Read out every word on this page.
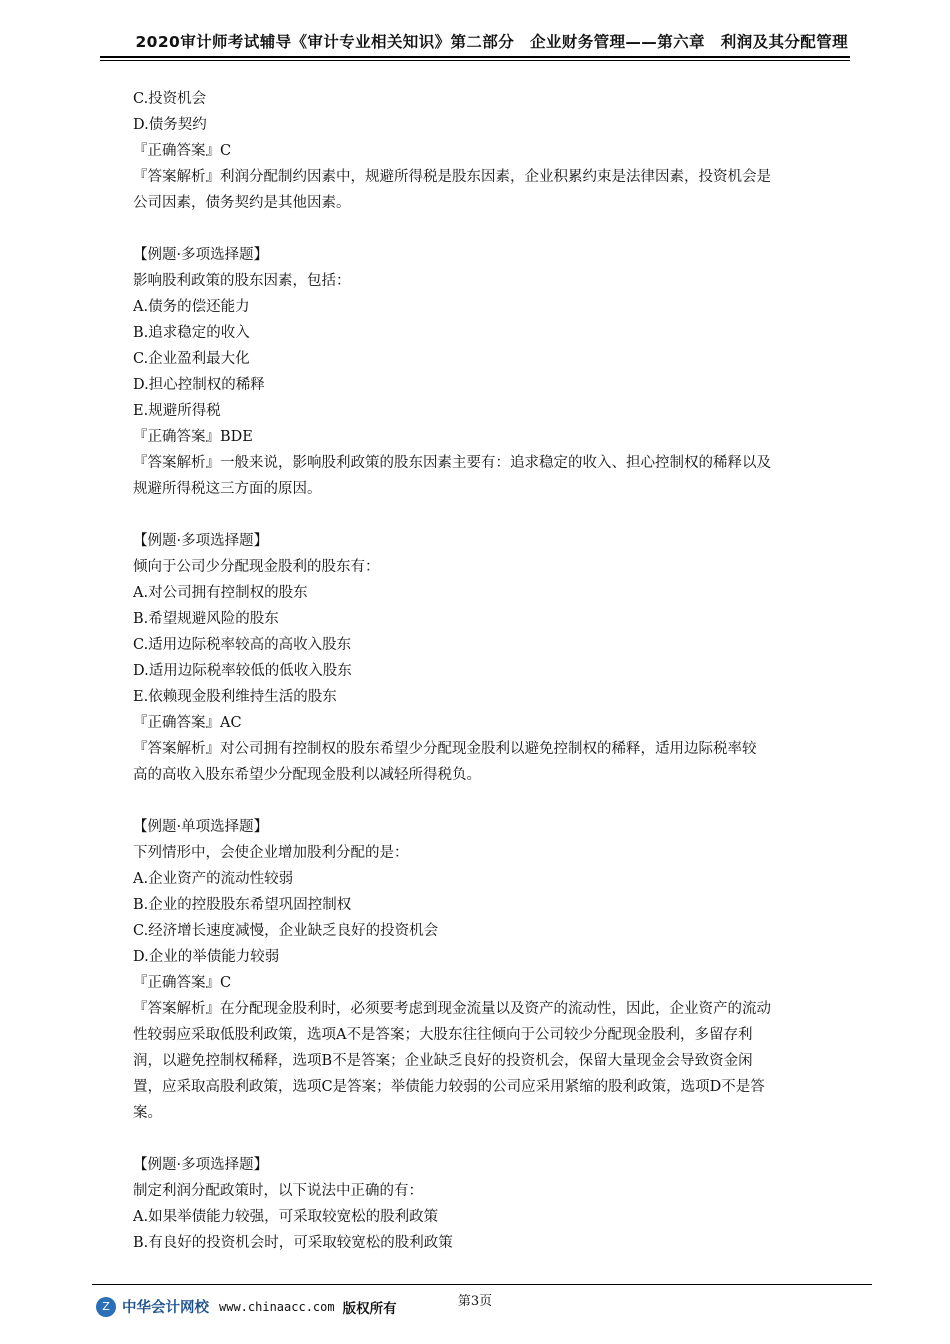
2020审计师考试辅导《审计专业相关知识》第二部分　企业财务管理——第六章　利润及其分配管理
C.投资机会
D.债务契约
『正确答案』C
『答案解析』利润分配制约因素中，规避所得税是股东因素，企业积累约束是法律因素，投资机会是
公司因素，债务契约是其他因素。
【例题·多项选择题】
影响股利政策的股东因素，包括：
A.债务的偿还能力
B.追求稳定的收入
C.企业盈利最大化
D.担心控制权的稀释
E.规避所得税
『正确答案』BDE
『答案解析』一般来说，影响股利政策的股东因素主要有：追求稳定的收入、担心控制权的稀释以及
规避所得税这三方面的原因。
【例题·多项选择题】
倾向于公司少分配现金股利的股东有：
A.对公司拥有控制权的股东
B.希望规避风险的股东
C.适用边际税率较高的高收入股东
D.适用边际税率较低的低收入股东
E.依赖现金股利维持生活的股东
『正确答案』AC
『答案解析』对公司拥有控制权的股东希望少分配现金股利以避免控制权的稀释，适用边际税率较
高的高收入股东希望少分配现金股利以减轻所得税负。
【例题·单项选择题】
下列情形中，会使企业增加股利分配的是：
A.企业资产的流动性较弱
B.企业的控股股东希望巩固控制权
C.经济增长速度减慢，企业缺乏良好的投资机会
D.企业的举债能力较弱
『正确答案』C
『答案解析』在分配现金股利时，必须要考虑到现金流量以及资产的流动性，因此，企业资产的流动
性较弱应采取低股利政策，选项A不是答案；大股东往往倾向于公司较少分配现金股利，多留存利
润，以避免控制权稀释，选项B不是答案；企业缺乏良好的投资机会，保留大量现金会导致资金闲
置，应采取高股利政策，选项C是答案；举债能力较弱的公司应采用紧缩的股利政策，选项D不是答
案。
【例题·多项选择题】
制定利润分配政策时，以下说法中正确的有：
A.如果举债能力较强，可采取较宽松的股利政策
B.有良好的投资机会时，可采取较宽松的股利政策
第3页
Z 中华会计网校 www.chinaacc.com 版权所有
